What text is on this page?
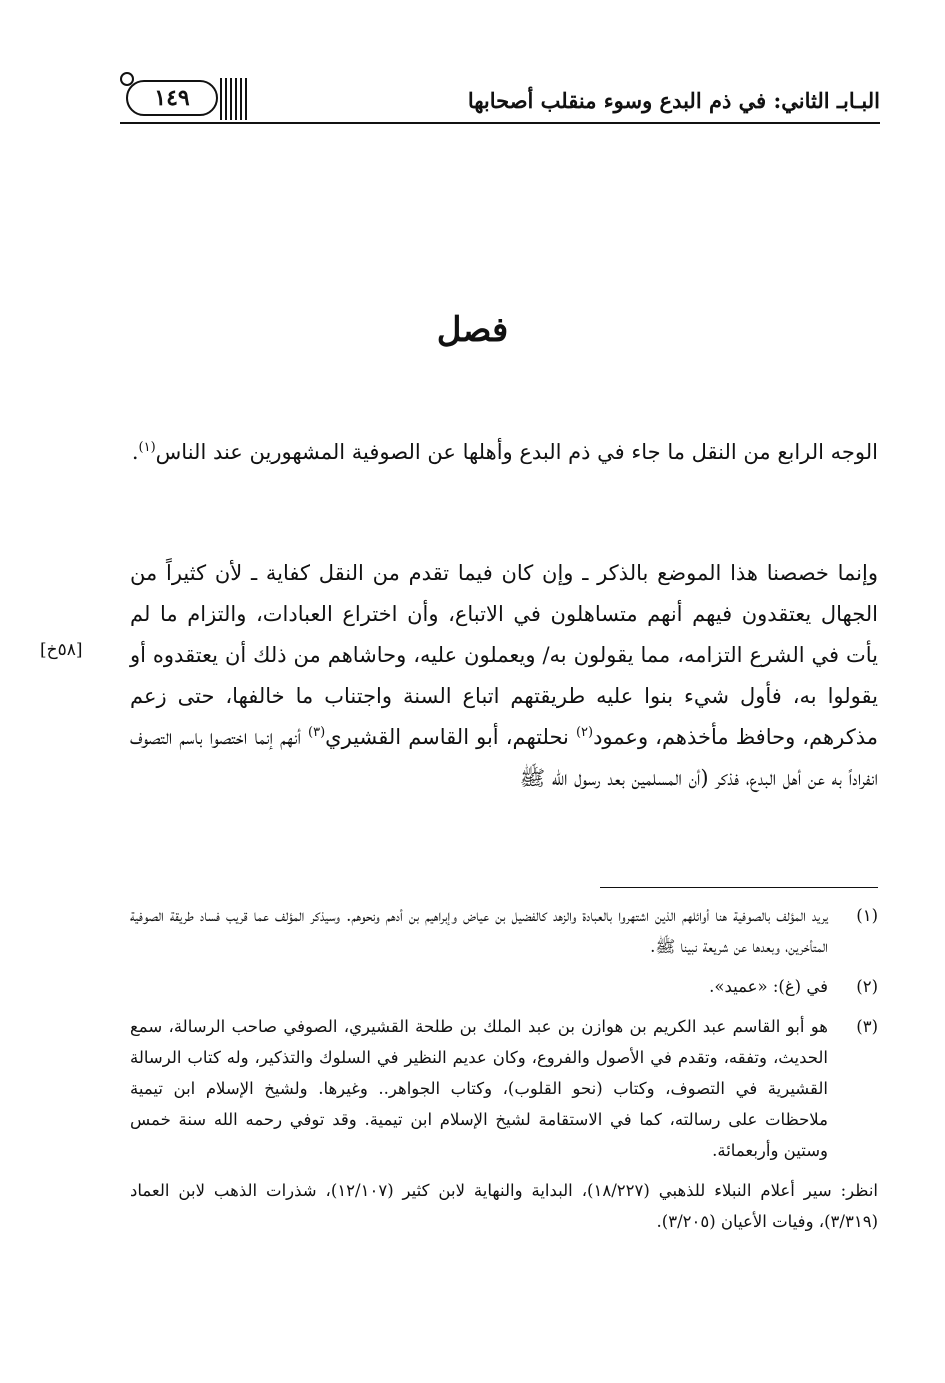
البـابـ الثاني: في ذم البدع وسوء منقلب أصحابها
١٤٩
فصل
الوجه الرابع من النقل ما جاء في ذم البدع وأهلها عن الصوفية المشهورين عند الناس$^{(١)}$.
وإنما خصصنا هذا الموضع بالذكر ـ وإن كان فيما تقدم من النقل كفاية ـ لأن كثيراً من الجهال يعتقدون فيهم أنهم متساهلون في الاتباع، وأن اختراع العبادات، والتزام ما لم يأت في الشرع التزامه، مما يقولون به/ ويعملون عليه، وحاشاهم من ذلك أن يعتقدوه أو يقولوا به، فأول شيء بنوا عليه طريقتهم اتباع السنة واجتناب ما خالفها، حتى زعم مذكرهم، وحافظ مأخذهم، وعمود$^{(٢)}$ نحلتهم، أبو القاسم القشيري$^{(٣)}$ أنهم إنما اختصوا باسم التصوف انفراداً به عن أهل البدع، فذكر (أن المسلمين بعد رسول الله ﷺ
[٥٨خ]
(١)
يريد المؤلف بالصوفية هنا أوائلهم الذين اشتهروا بالعبادة والزهد كالفضيل بن عياض وإبراهيم بن أدهم ونحوهم. وسيذكر المؤلف عما قريب فساد طريقة الصوفية المتأخرين، وبعدها عن شريعة نبينا ﷺ.
(٢)
في (غ): «عميد».
(٣)
هو أبو القاسم عبد الكريم بن هوازن بن عبد الملك بن طلحة القشيري، الصوفي صاحب الرسالة، سمع الحديث، وتفقه، وتقدم في الأصول والفروع، وكان عديم النظير في السلوك والتذكير، وله كتاب الرسالة القشيرية في التصوف، وكتاب (نحو القلوب)، وكتاب الجواهر.. وغيرها. ولشيخ الإسلام ابن تيمية ملاحظات على رسالته، كما في الاستقامة لشيخ الإسلام ابن تيمية. وقد توفي رحمه الله سنة خمس وستين وأربعمائة.
انظر: سير أعلام النبلاء للذهبي (١٨/٢٢٧)، البداية والنهاية لابن كثير (١٢/١٠٧)، شذرات الذهب لابن العماد (٣/٣١٩)، وفيات الأعيان (٣/٢٠٥).
